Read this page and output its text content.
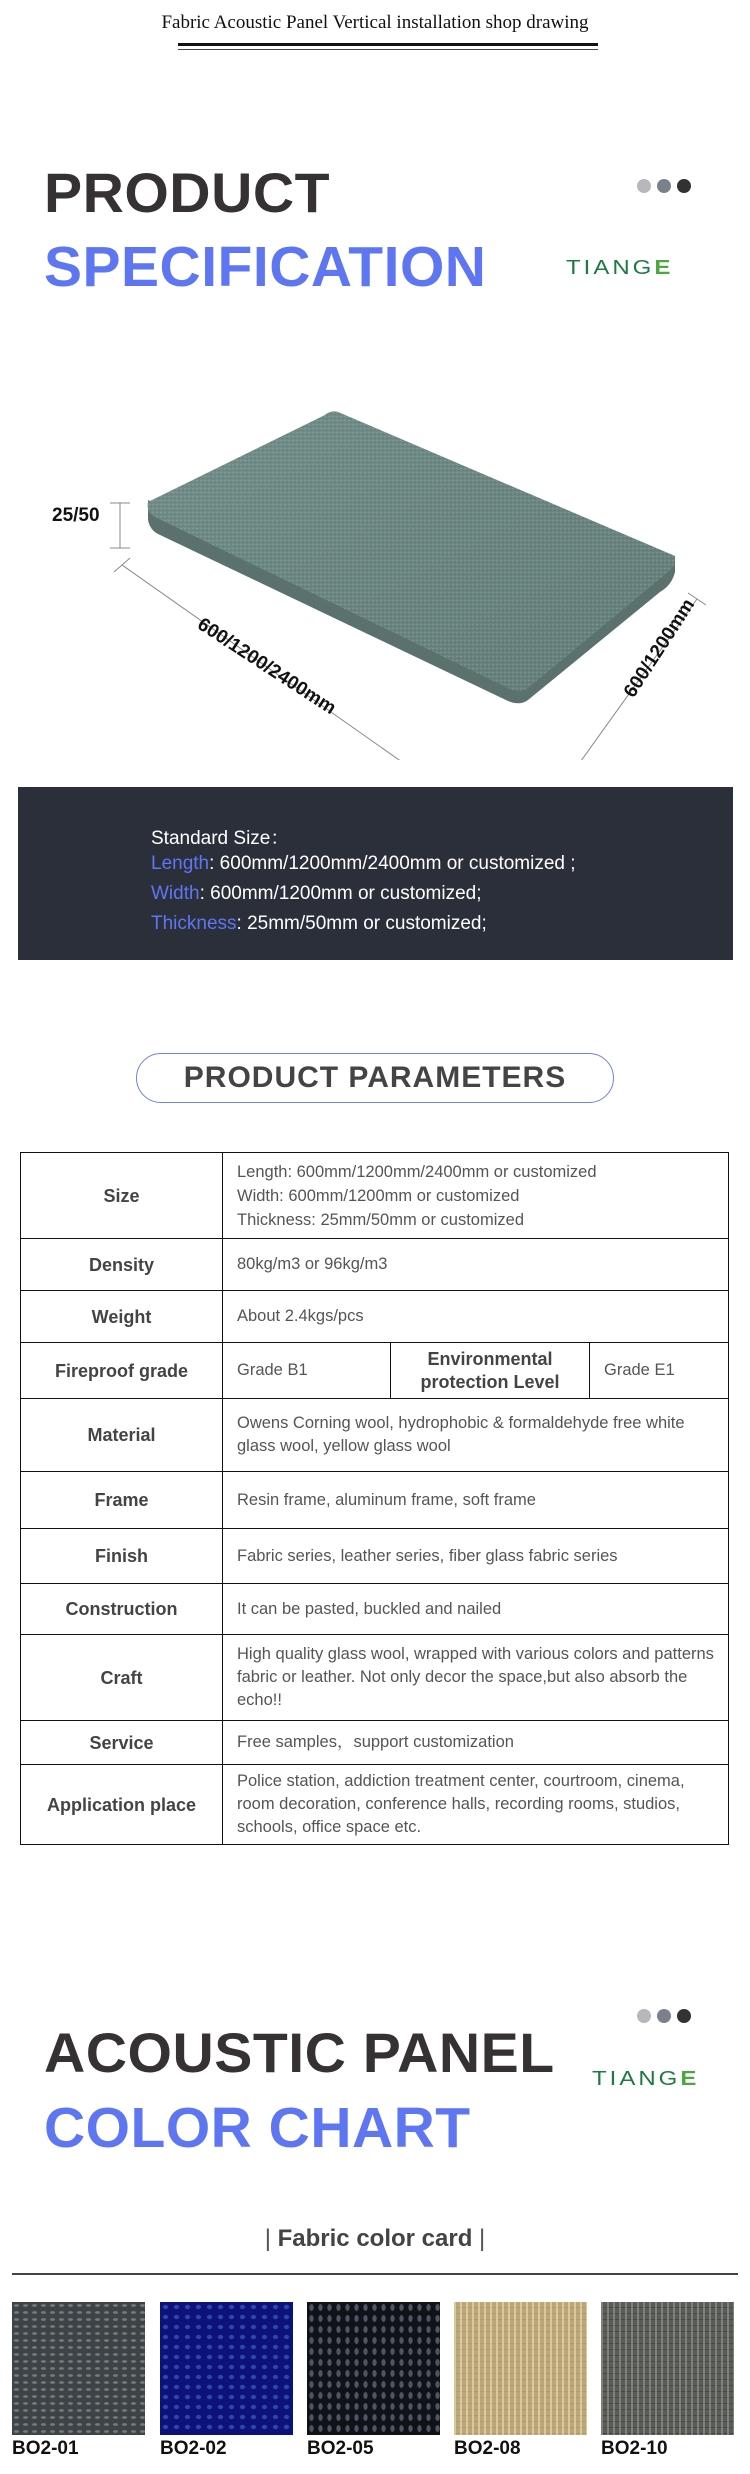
Fabric Acoustic Panel Vertical installation shop drawing
PRODUCT
SPECIFICATION	TIANGE
25/50
600/1200/2400mm	600/1200mm
Standard Size：
Length: 600mm/1200mm/2400mm or customized ;
Width: 600mm/1200mm or customized;
Thickness: 25mm/50mm or customized;
PRODUCT PARAMETERS
Size	Length: 600mm/1200mm/2400mm or customized
Width: 600mm/1200mm or customized
Thickness: 25mm/50mm or customized		

Density	80kg/m3 or 96kg/m3		
Weight	About 2.4kgs/pcs		
Fireproof grade	Grade B1	Environmental protection Level	Grade E1
Material	Owens Corning wool, hydrophobic & formaldehyde free white glass wool, yellow glass wool		
Frame	Resin frame, aluminum frame, soft frame		
Finish	Fabric series, leather series, fiber glass fabric series		
Construction	It can be pasted, buckled and nailed		
Craft	High quality glass wool, wrapped with various colors and patterns fabric or leather. Not only decor the space,but also absorb the echo!!		
Service	Free samples，support customization		
Application place	Police station, addiction treatment center, courtroom, cinema, room decoration, conference halls, recording rooms, studios, schools, office space etc.		
ACOUSTIC PANEL
COLOR CHART
TIANGE
| Fabric color card |
BO2-01	BO2-02	BO2-05	BO2-08	BO2-10
